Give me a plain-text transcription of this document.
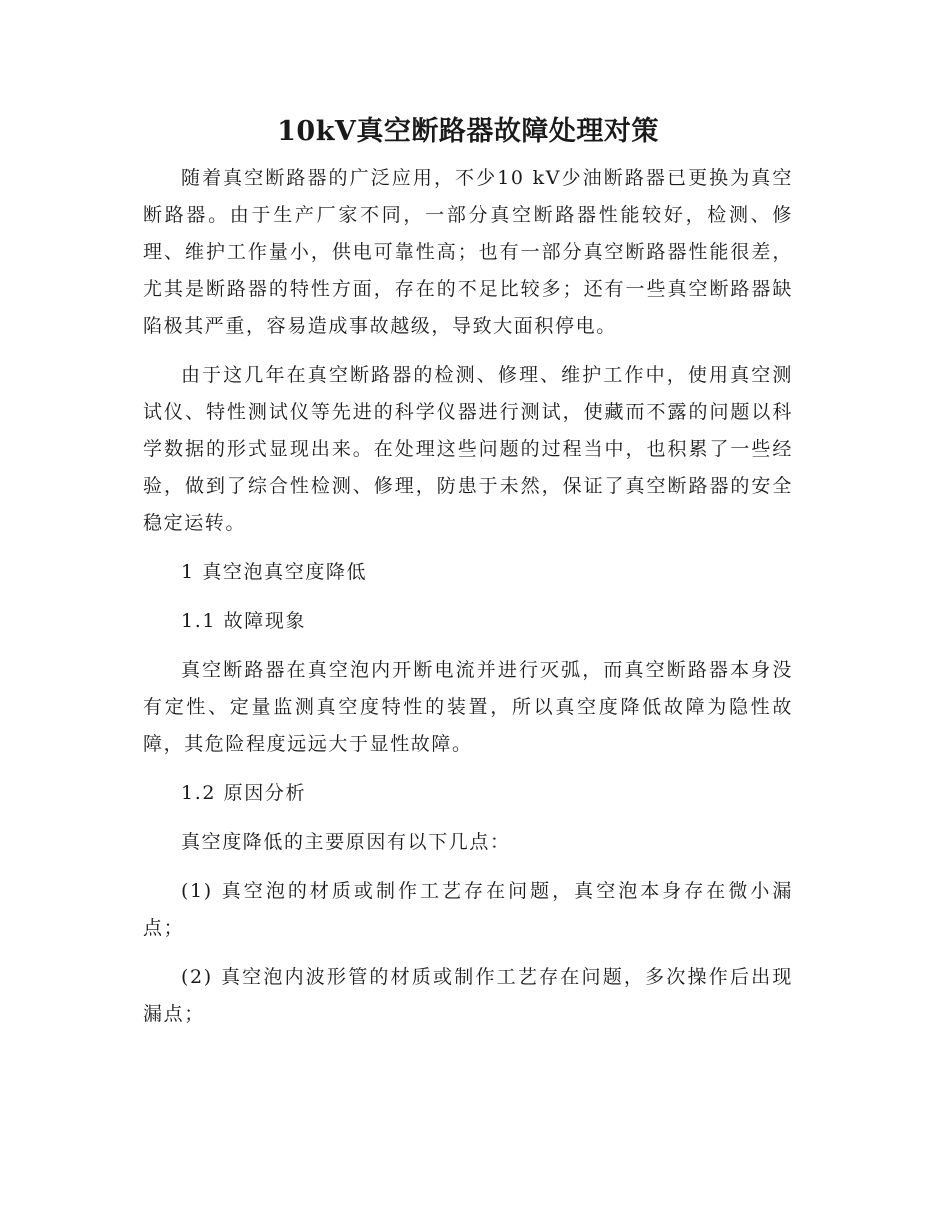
10kV真空断路器故障处理对策

随着真空断路器的广泛应用，不少10 kV少油断路器已更换为真空断路器。由于生产厂家不同，一部分真空断路器性能较好，检测、修理、维护工作量小，供电可靠性高；也有一部分真空断路器性能很差，尤其是断路器的特性方面，存在的不足比较多；还有一些真空断路器缺陷极其严重，容易造成事故越级，导致大面积停电。

由于这几年在真空断路器的检测、修理、维护工作中，使用真空测试仪、特性测试仪等先进的科学仪器进行测试，使藏而不露的问题以科学数据的形式显现出来。在处理这些问题的过程当中，也积累了一些经验，做到了综合性检测、修理，防患于未然，保证了真空断路器的安全稳定运转。

1 真空泡真空度降低

1.1 故障现象

真空断路器在真空泡内开断电流并进行灭弧，而真空断路器本身没有定性、定量监测真空度特性的装置，所以真空度降低故障为隐性故障，其危险程度远远大于显性故障。

1.2 原因分析

真空度降低的主要原因有以下几点：

(1) 真空泡的材质或制作工艺存在问题，真空泡本身存在微小漏点；

(2) 真空泡内波形管的材质或制作工艺存在问题，多次操作后出现漏点；
